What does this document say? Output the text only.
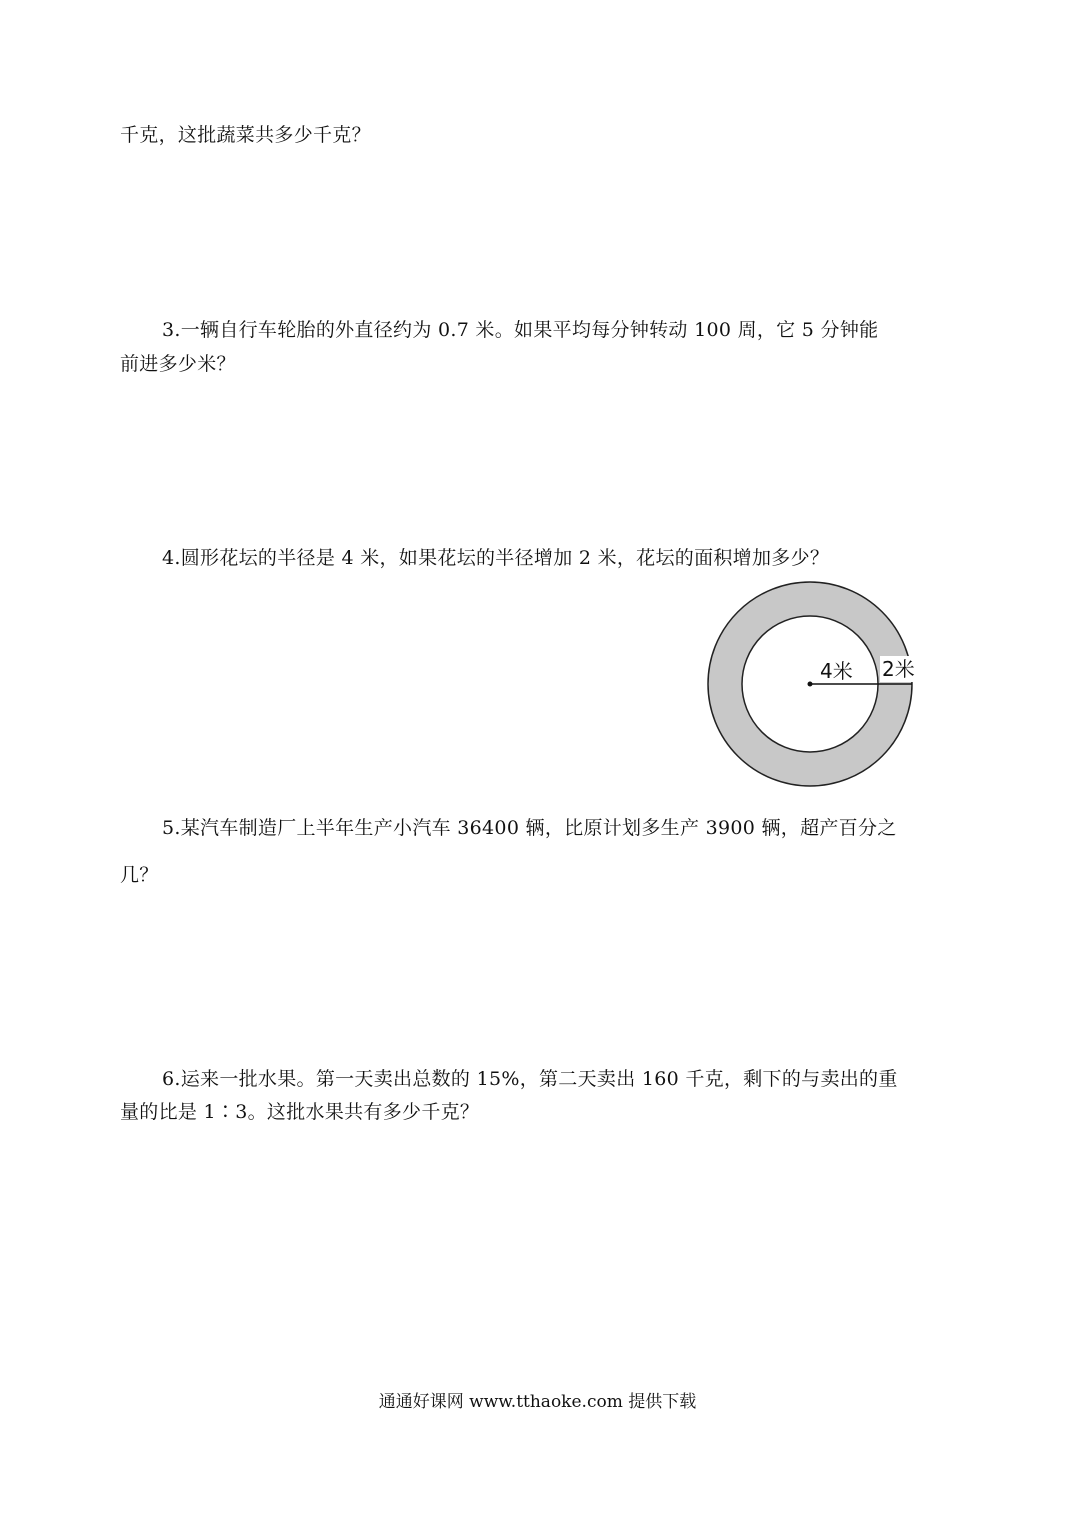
千克，这批蔬菜共多少千克？
3.一辆自行车轮胎的外直径约为 0.7 米。如果平均每分钟转动 100 周，它 5 分钟能
前进多少米？
4.圆形花坛的半径是 4 米，如果花坛的半径增加 2 米，花坛的面积增加多少？
4米 2米
5.某汽车制造厂上半年生产小汽车 36400 辆，比原计划多生产 3900 辆，超产百分之
几？
6.运来一批水果。第一天卖出总数的 15%，第二天卖出 160 千克，剩下的与卖出的重
量的比是 1∶3。这批水果共有多少千克？
通通好课网 www.tthaoke.com 提供下载
